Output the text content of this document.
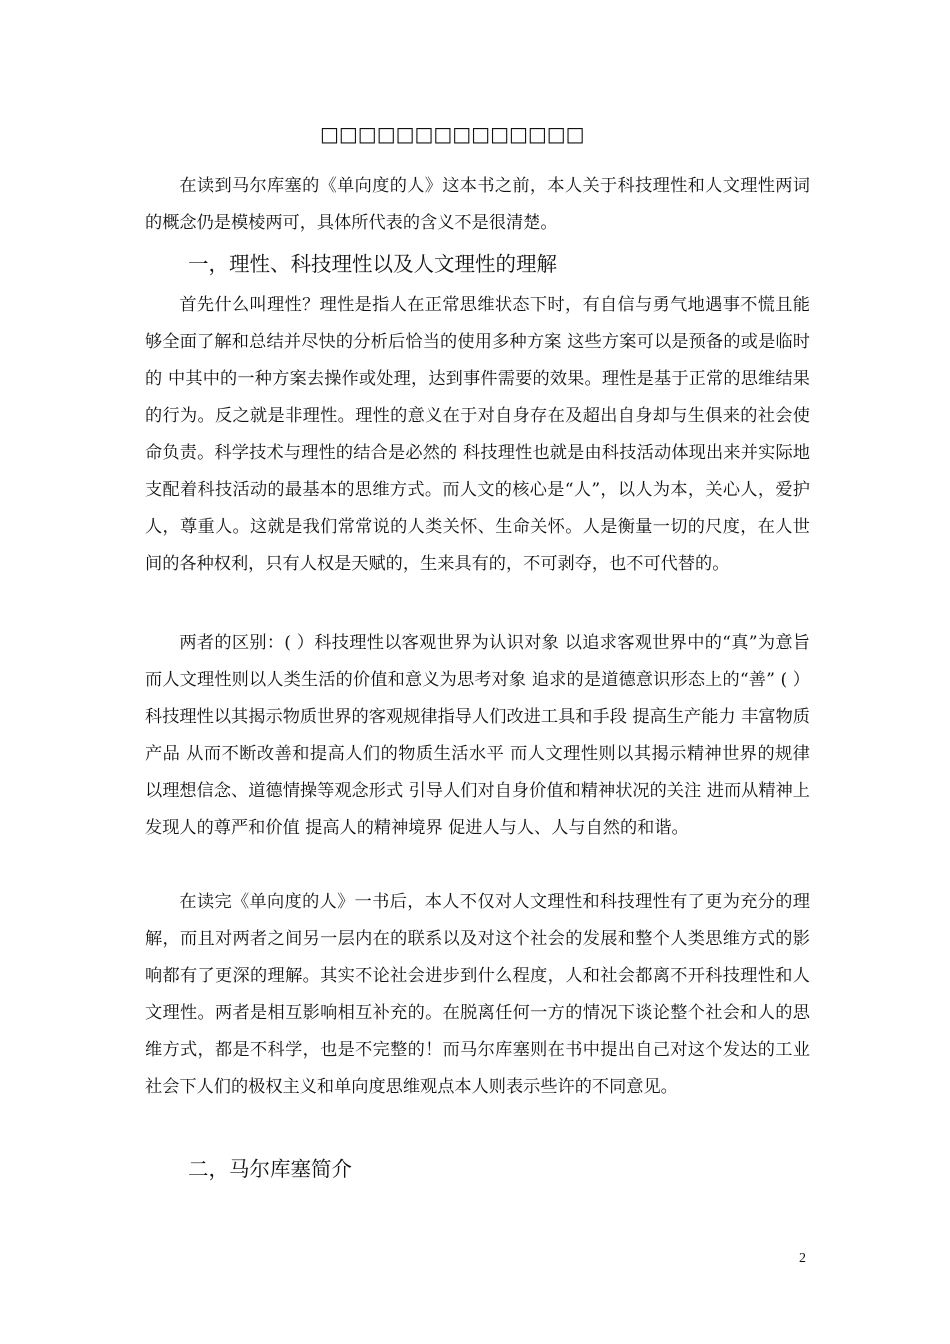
□□□□□□□□□□□□□□

在读到马尔库塞的《单向度的人》这本书之前，本人关于科技理性和人文理性两词的概念仍是模棱两可，具体所代表的含义不是很清楚。

一，理性、科技理性以及人文理性的理解

首先什么叫理性？理性是指人在正常思维状态下时，有自信与勇气地遇事不慌且能够全面了解和总结并尽快的分析后恰当的使用多种方案 这些方案可以是预备的或是临时的 中其中的一种方案去操作或处理，达到事件需要的效果。理性是基于正常的思维结果的行为。反之就是非理性。理性的意义在于对自身存在及超出自身却与生俱来的社会使命负责。科学技术与理性的结合是必然的 科技理性也就是由科技活动体现出来并实际地支配着科技活动的最基本的思维方式。而人文的核心是“人”，以人为本，关心人，爱护人，尊重人。这就是我们常常说的人类关怀、生命关怀。人是衡量一切的尺度，在人世间的各种权利，只有人权是天赋的，生来具有的，不可剥夺，也不可代替的。

两者的区别：( ）科技理性以客观世界为认识对象 以追求客观世界中的“真”为意旨 而人文理性则以人类生活的价值和意义为思考对象 追求的是道德意识形态上的“善” ( ）科技理性以其揭示物质世界的客观规律指导人们改进工具和手段 提高生产能力 丰富物质产品 从而不断改善和提高人们的物质生活水平 而人文理性则以其揭示精神世界的规律 以理想信念、道德情操等观念形式 引导人们对自身价值和精神状况的关注 进而从精神上发现人的尊严和价值 提高人的精神境界 促进人与人、人与自然的和谐。

在读完《单向度的人》一书后，本人不仅对人文理性和科技理性有了更为充分的理解，而且对两者之间另一层内在的联系以及对这个社会的发展和整个人类思维方式的影响都有了更深的理解。其实不论社会进步到什么程度，人和社会都离不开科技理性和人文理性。两者是相互影响相互补充的。在脱离任何一方的情况下谈论整个社会和人的思维方式，都是不科学，也是不完整的！而马尔库塞则在书中提出自己对这个发达的工业社会下人们的极权主义和单向度思维观点本人则表示些许的不同意见。

二，马尔库塞简介
2
